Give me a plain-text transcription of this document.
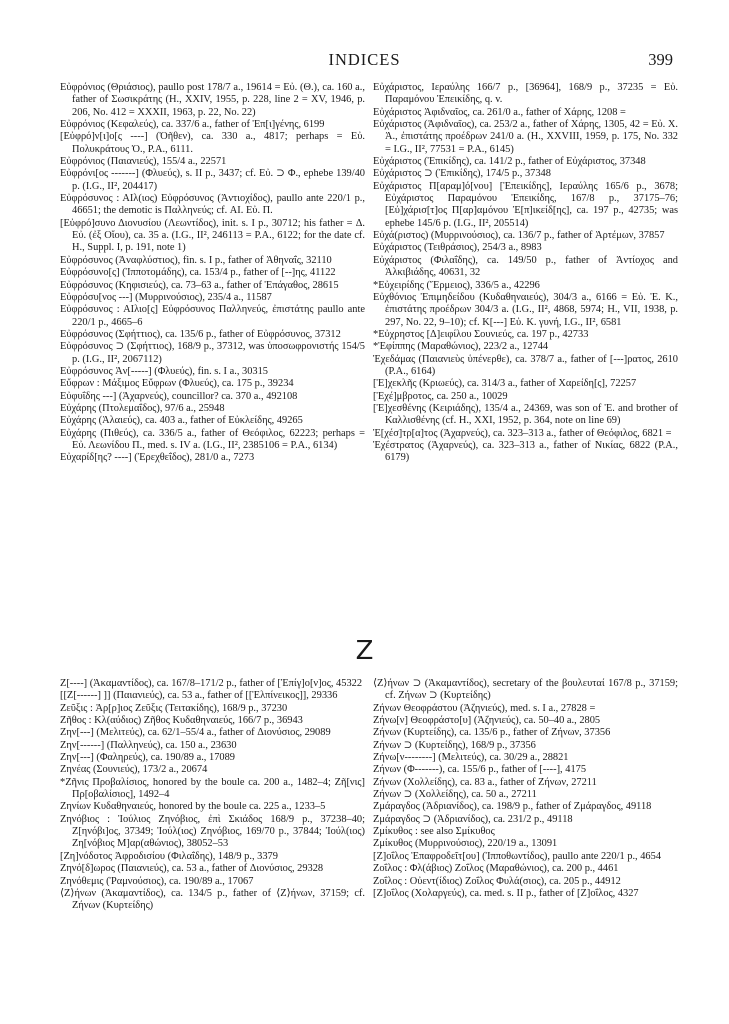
INDICES	399

Εὐφρόνιος (Θριάσιος), paullo post 178/7 a., 19614 = Εὐ. (Θ.), ca. 160 a., father of Σωσικράτης (H., XXIV, 1955, p. 228, line 2 = XV, 1946, p. 206, No. 412 = XXXII, 1963, p. 22, No. 22)

Εὐφρόνιος (Κεφαλεύς), ca. 337/6 a., father of Ἐπ[ι]γένης, 6199

[Εὐφρό]ν[ι]ο[ς ----] (Ὀῆθεν), ca. 330 a., 4817; perhaps = Εὐ. Πολυκράτους Ὀ., P.A., 6111.

Εὐφρόνιος (Παιανιεύς), 155/4 a., 22571

Εὐφρόνι[ος -------] (Φλυεύς), s. II p., 3437; cf. Εὐ. ⊃ Φ., ephebe 139/40 p. (I.G., II², 204417)

Εὐφρόσυνος : ΑΙλ(ιος) Εὐφρόσυνος (Ἀντιοχίδος), paullo ante 220/1 p., 46651; the demotic is Παλληνεύς; cf. ΑΙ. Εὐ. Π.

[Εὐφρό]συνο Διονυσίου (Λεωντίδος), init. s. I p., 30712; his father = Δ. Εὐ. (ἐξ Οἴου), ca. 35 a. (I.G., II², 246113 = P.A., 6122; for the date cf. H., Suppl. I, p. 191, note 1)

Εὐφρόσυνος (Ἀναφλύστιος), fin. s. I p., father of Ἀθηναΐς, 32110

Εὐφρόσυνο[ς] (Ἱπποτομάδης), ca. 153/4 p., father of [--]ης, 41122

Εὐφρόσυνος (Κηφισιεύς), ca. 73–63 a., father of Ἐπάγαθος, 28615

Εὐφρόσυ[νος ---] (Μυρρινούσιος), 235/4 a., 11587

Εὐφρόσυνος : ΑΙλιο[ς] Εὐφρόσυνος Παλληνεύς, ἐπιστάτης paullo ante 220/1 p., 4665–6

Εὐφρόσυνος (Σφήττιος), ca. 135/6 p., father of Εὐφρόσυνος, 37312

Εὐφρόσυνος ⊃ (Σφήττιος), 168/9 p., 37312, was ὑποσωφρονιστής 154/5 p. (I.G., II², 2067112)

Εὐφρόσυνος Ἀν[-----] (Φλυεύς), fin. s. I a., 30315

Εὔφρων : Μάξιμος Εὔφρων (Φλυεύς), ca. 175 p., 39234

Εὐφυΐδης ---] (Ἀχαρνεύς), councillor? ca. 370 a., 492108

Εὐχάρης (Πτολεμαΐδος), 97/6 a., 25948

Εὐχάρης (Ἀλαιεύς), ca. 403 a., father of Εὐκλείδης, 49265

Εὐχάρης (Πιθεύς), ca. 336/5 a., father of Θεόφιλος, 62223; perhaps = Εὐ. Λεωνίδου Π., med. s. IV a. (I.G., II², 2385106 = P.A., 6134)

Εὐχαρίδ[ης? ----] (Ἐρεχθεΐδος), 281/0 a., 7273

Εὐχάριστος, Ιεραύλης 166/7 p., [36964], 168/9 p., 37235 = Εὐ. Παραμόνου Ἐπεικίδης, q. v.

Εὐχάριστος Ἀφιδναῖος, ca. 261/0 a., father of Χάρης, 1208 =

Εὐχάριστος (Ἀφιδναῖος), ca. 253/2 a., father of Χάρης, 1305, 42 = Εὐ. Χ. Ἀ., ἐπιστάτης προέδρων 241/0 a. (H., XXVIII, 1959, p. 175, No. 332 = I.G., II², 77531 = P.A., 6145)

Εὐχάριστος (Ἐπικίδης), ca. 141/2 p., father of Εὐχάριστος, 37348

Εὐχάριστος ⊃ (Ἐπικίδης), 174/5 p., 37348

Εὐχάριστος Π[αραμ]ό[νου] [Ἐπεικίδης], Ιεραύλης 165/6 p., 3678; Εὐχάριστος Παραμόνου Ἐπεικίδης, 167/8 p., 37175–76; [Εὐ]χάρισ[τ]ος Π[αρ]αμόνου Ἐ[π]ικείδ[ης], ca. 197 p., 42735; was ephebe 145/6 p. (I.G., II², 205514)

Εὐχά(ριστος) (Μυρρινούσιος), ca. 136/7 p., father of Ἀρτέμων, 37857

Εὐχάριστος (Τειθράσιος), 254/3 a., 8983

Εὐχάριστος (Φιλαΐδης), ca. 149/50 p., father of Ἀντίοχος and Ἀλκιβιάδης, 40631, 32

*Εὐχειρίδης (Ἕρμειος), 336/5 a., 42296

Εὐχθόνιος Ἐπιμηδείδου (Κυδαθηναιεύς), 304/3 a., 6166 = Εὐ. Ἐ. Κ., ἐπιστάτης προέδρων 304/3 a. (I.G., II², 4868, 5974; H., VII, 1938, p. 297, No. 22, 9–10); cf. Κ[---] Εὐ. Κ. γυνή, I.G., II², 6581

*Εὐχρηστος [Δ]ειφίλου Σουνιεύς, ca. 197 p., 42733

*Ἐφίππης (Μαραθώνιος), 223/2 a., 12744

Ἐχεδάμας (Παιανιεὺς ὑπένερθε), ca. 378/7 a., father of [---]ρατος, 2610 (P.A., 6164)

[Ἐ]χεκλῆς (Κριωεύς), ca. 314/3 a., father of Χαρείδη[ς], 72257

[Ἐχέ]μβροτος, ca. 250 a., 10029

[Ἐ]χεσθένης (Κειριάδης), 135/4 a., 24369, was son of Ἐ. and brother of Καλλισθένης (cf. H., XXI, 1952, p. 364, note on line 69)

Ἐ[χέσ]τρ[α]τος (Ἀχαρνεύς), ca. 323–313 a., father of Θεόφιλος, 6821 =

Ἐχέστρατος (Ἀχαρνεύς), ca. 323–313 a., father of Νικίας, 6822 (P.A., 6179)

Z

Ζ[----] (Ἀκαμαντίδος), ca. 167/8–171/2 p., father of [Ἐπίγ]ο[ν]ος, 45322

[[Ζ[------] ]] (Παιανιεύς), ca. 53 a., father of [[Ἐλπίνεικος]], 29336

Ζεῦξις : Ἀρ[ρ]ιος Ζεῦξις (Τειτακίδης), 168/9 p., 37230

Ζῆθος : Κλ(αύδιος) Ζῆθος Κυδαθηναιεύς, 166/7 p., 36943

Ζην[---] (Μελιτεύς), ca. 62/1–55/4 a., father of Διονύσιος, 29089

Ζην[------] (Παλληνεύς), ca. 150 a., 23630

Ζην[---] (Φαληρεύς), ca. 190/89 a., 17089

Ζηνέας (Σουνιεύς), 173/2 a., 20674

*Ζῆνις Προβαλίσιος, honored by the boule ca. 200 a., 1482–4; Ζῆ[νις] Πρ[οβαλίσιος], 1492–4

Ζηνίων Κυδαθηναιεύς, honored by the boule ca. 225 a., 1233–5

Ζηνόβιος : Ἰούλιος Ζηνόβιος, ἐπὶ Σκιάδος 168/9 p., 37238–40; Ζ[ηνόβι]ος, 37349; Ἰούλ(ιος) Ζηνόβιος, 169/70 p., 37844; Ἰούλ(ιος) Ζη[νόβιος Μ]αρ(αθώνιος), 38052–53

[Ζη]νόδοτος Ἀφροδισίου (Φιλαΐδης), 148/9 p., 3379

Ζηνό[δ]ωρος (Παιανιεύς), ca. 53 a., father of Διονύσιος, 29328

Ζηνόθεμις (Ῥαμνούσιος), ca. 190/89 a., 17067

⟨Ζ⟩ήνων (Ἀκαμαντίδος), ca. 134/5 p., father of ⟨Ζ⟩ήνων, 37159; cf. Ζήνων (Κυρτείδης)

⟨Ζ⟩ήνων ⊃ (Ἀκαμαντίδος), secretary of the βουλευταί 167/8 p., 37159; cf. Ζήνων ⊃ (Κυρτείδης)

Ζήνων Θεοφράστου (Ἀζηνιεύς), med. s. I a., 27828 =

Ζήνω[ν] Θεοφράστο[υ] (Ἀζηνιεύς), ca. 50–40 a., 2805

Ζήνων (Κυρτείδης), ca. 135/6 p., father of Ζήνων, 37356

Ζήνων ⊃ (Κυρτείδης), 168/9 p., 37356

Ζήνω[ν--------] (Μελιτεύς), ca. 30/29 a., 28821

Ζήνων (Φ-------), ca. 155/6 p., father of [----], 4175

Ζήνων (Χολλείδης), ca. 83 a., father of Ζήνων, 27211

Ζήνων ⊃ (Χολλείδης), ca. 50 a., 27211

Ζμάραγδος (Ἀδριανίδος), ca. 198/9 p., father of Ζμάραγδος, 49118

Ζμάραγδος ⊃ (Ἀδριανίδος), ca. 231/2 p., 49118

Ζμίκυθος : see also Σμίκυθος

Ζμίκυθος (Μυρρινούσιος), 220/19 a., 13091

[Ζ]οΐλος Ἐπαφροδεῖτ[ου] (Ἱπποθωντίδος), paullo ante 220/1 p., 4654

Ζοΐλος : Φλ(άβιος) Ζοΐλος (Μαραθώνιος), ca. 200 p., 4461

Ζοΐλος : Οὐεντ(ίδιος) Ζοΐλος Φυλά(σιος), ca. 205 p., 44912

[Ζ]οΐλος (Χολαργεύς), ca. med. s. II p., father of [Ζ]οΐλος, 4327
